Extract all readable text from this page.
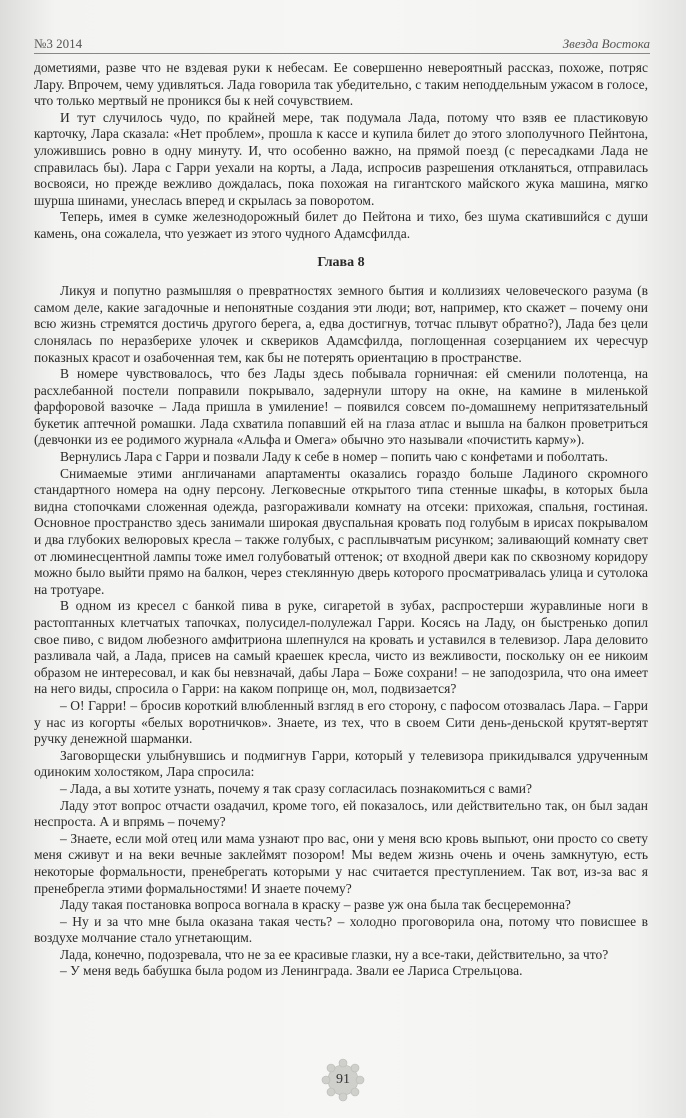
№3 2014	Звезда Востока

дометиями, разве что не вздевая руки к небесам. Ее совершенно невероятный рассказ, похоже, потряс Лару. Впрочем, чему удивляться. Лада говорила так убедительно, с таким неподдельным ужасом в голосе, что только мертвый не проникся бы к ней сочувствием.

И тут случилось чудо, по крайней мере, так подумала Лада, потому что взяв ее пластиковую карточку, Лара сказала: «Нет проблем», прошла к кассе и купила билет до этого злополучного Пейнтона, уложившись ровно в одну минуту. И, что особенно важно, на прямой поезд (с пересадками Лада не справилась бы). Лара с Гарри уехали на корты, а Лада, испросив разрешения откланяться, отправилась восвояси, но прежде вежливо дождалась, пока похожая на гигантского майского жука машина, мягко шурша шинами, унеслась вперед и скрылась за поворотом.

Теперь, имея в сумке железнодорожный билет до Пейтона и тихо, без шума скатившийся с души камень, она сожалела, что уезжает из этого чудного Адамсфилда.

Глава 8

Ликуя и попутно размышляя о превратностях земного бытия и коллизиях человеческого разума (в самом деле, какие загадочные и непонятные создания эти люди; вот, например, кто скажет – почему они всю жизнь стремятся достичь другого берега, а, едва достигнув, тотчас плывут обратно?), Лада без цели слонялась по неразберихе улочек и сквериков Адамсфилда, поглощенная созерцанием их чересчур показных красот и озабоченная тем, как бы не потерять ориентацию в пространстве.

В номере чувствовалось, что без Лады здесь побывала горничная: ей сменили полотенца, на расхлебанной постели поправили покрывало, задернули штору на окне, на камине в миленькой фарфоровой вазочке – Лада пришла в умиление! – появился совсем по-домашнему непритязательный букетик аптечной ромашки. Лада схватила попавший ей на глаза атлас и вышла на балкон проветриться (девчонки из ее родимого журнала «Альфа и Омега» обычно это называли «почистить карму»).

Вернулись Лара с Гарри и позвали Ладу к себе в номер – попить чаю с конфетами и поболтать.

Снимаемые этими англичанами апартаменты оказались гораздо больше Ладиного скромного стандартного номера на одну персону. Легковесные открытого типа стенные шкафы, в которых была видна стопочками сложенная одежда, разгораживали комнату на отсеки: прихожая, спальня, гостиная. Основное пространство здесь занимали широкая двуспальная кровать под голубым в ирисах покрывалом и два глубоких велюровых кресла – также голубых, с расплывчатым рисунком; заливающий комнату свет от люминесцентной лампы тоже имел голубоватый оттенок; от входной двери как по сквозному коридору можно было выйти прямо на балкон, через стеклянную дверь которого просматривалась улица и сутолока на тротуаре.

В одном из кресел с банкой пива в руке, сигаретой в зубах, распростерши журавлиные ноги в растоптанных клетчатых тапочках, полусидел-полулежал Гарри. Косясь на Ладу, он быстренько допил свое пиво, с видом любезного амфитриона шлепнулся на кровать и уставился в телевизор. Лара деловито разливала чай, а Лада, присев на самый краешек кресла, чисто из вежливости, поскольку он ее никоим образом не интересовал, и как бы невзначай, дабы Лара – Боже сохрани! – не заподозрила, что она имеет на него виды, спросила о Гарри: на каком поприще он, мол, подвизается?

– О! Гарри! – бросив короткий влюбленный взгляд в его сторону, с пафосом отозвалась Лара. – Гарри у нас из когорты «белых воротничков». Знаете, из тех, что в своем Сити день-деньской крутят-вертят ручку денежной шарманки.

Заговорщески улыбнувшись и подмигнув Гарри, который у телевизора прикидывался удрученным одиноким холостяком, Лара спросила:

– Лада, а вы хотите узнать, почему я так сразу согласилась познакомиться с вами?

Ладу этот вопрос отчасти озадачил, кроме того, ей показалось, или действительно так, он был задан неспроста. А и впрямь – почему?

– Знаете, если мой отец или мама узнают про вас, они у меня всю кровь выпьют, они просто со свету меня сживут и на веки вечные заклеймят позором! Мы ведем жизнь очень и очень замкнутую, есть некоторые формальности, пренебрегать которыми у нас считается преступлением. Так вот, из-за вас я пренебрегла этими формальностями! И знаете почему?

Ладу такая постановка вопроса вогнала в краску – разве уж она была так бесцеремонна?

– Ну и за что мне была оказана такая честь? – холодно проговорила она, потому что повисшее в воздухе молчание стало угнетающим.

Лада, конечно, подозревала, что не за ее красивые глазки, ну а все-таки, действительно, за что?

– У меня ведь бабушка была родом из Ленинграда. Звали ее Лариса Стрельцова.

91
